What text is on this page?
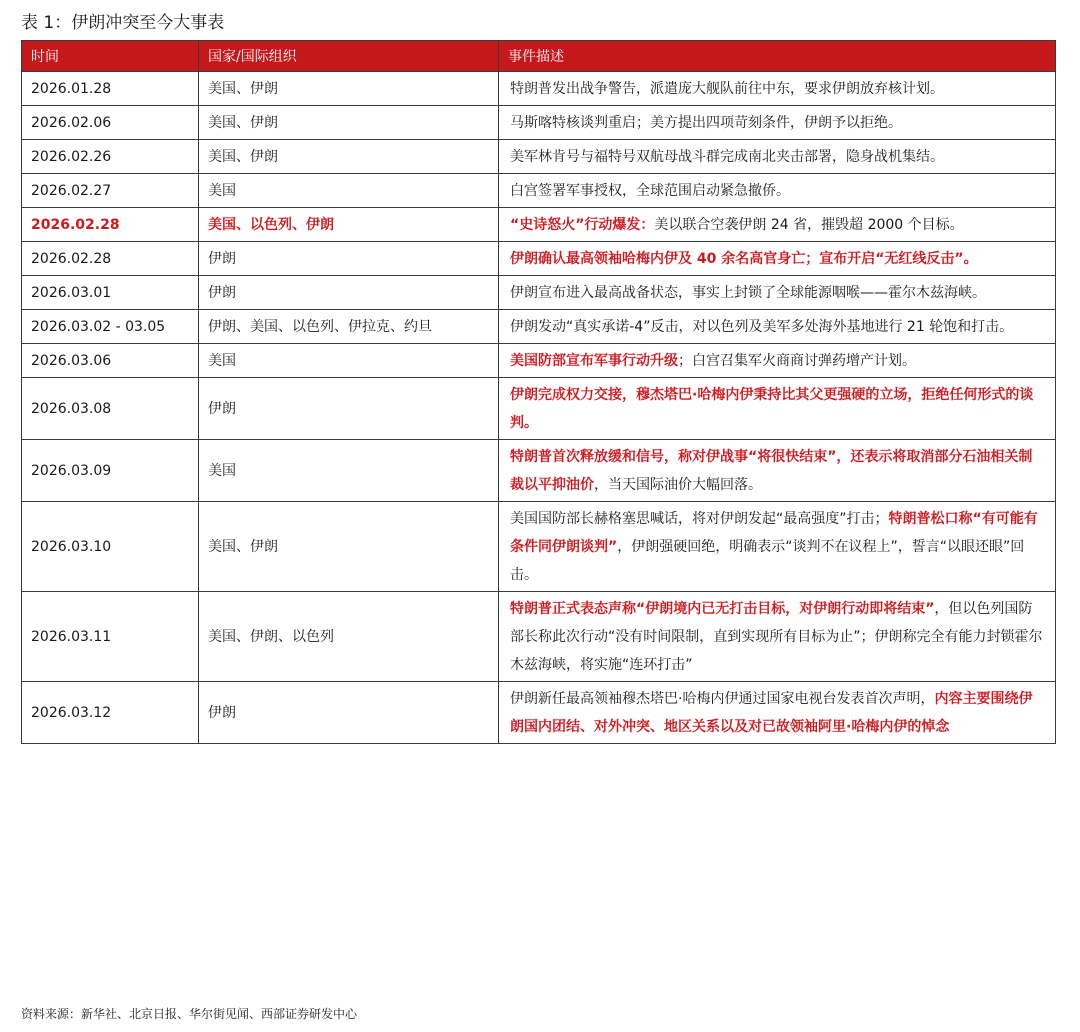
表 1：伊朗冲突至今大事表
时间	国家/国际组织	事件描述
2026.01.28	美国、伊朗	特朗普发出战争警告，派遣庞大舰队前往中东，要求伊朗放弃核计划。
2026.02.06	美国、伊朗	马斯喀特核谈判重启；美方提出四项苛刻条件，伊朗予以拒绝。
2026.02.26	美国、伊朗	美军林肯号与福特号双航母战斗群完成南北夹击部署，隐身战机集结。
2026.02.27	美国	白宫签署军事授权，全球范围启动紧急撤侨。
2026.02.28	美国、以色列、伊朗	“史诗怒火”行动爆发：美以联合空袭伊朗 24 省，摧毁超 2000 个目标。
2026.02.28	伊朗	伊朗确认最高领袖哈梅内伊及 40 余名高官身亡；宣布开启“无红线反击”。
2026.03.01	伊朗	伊朗宣布进入最高战备状态，事实上封锁了全球能源咽喉——霍尔木兹海峡。
2026.03.02 - 03.05	伊朗、美国、以色列、伊拉克、约旦	伊朗发动“真实承诺-4”反击，对以色列及美军多处海外基地进行 21 轮饱和打击。
2026.03.06	美国	美国防部宣布军事行动升级；白宫召集军火商商讨弹药增产计划。
2026.03.08	伊朗	伊朗完成权力交接，穆杰塔巴·哈梅内伊秉持比其父更强硬的立场，拒绝任何形式的谈判。
2026.03.09	美国	特朗普首次释放缓和信号，称对伊战事“将很快结束”，还表示将取消部分石油相关制裁以平抑油价，当天国际油价大幅回落。
2026.03.10	美国、伊朗	美国国防部长赫格塞思喊话，将对伊朗发起“最高强度”打击；特朗普松口称“有可能有条件同伊朗谈判”，伊朗强硬回绝，明确表示“谈判不在议程上”，誓言“以眼还眼”回击。
2026.03.11	美国、伊朗、以色列	特朗普正式表态声称“伊朗境内已无打击目标，对伊朗行动即将结束”，但以色列国防部长称此次行动“没有时间限制，直到实现所有目标为止”；伊朗称完全有能力封锁霍尔木兹海峡，将实施“连环打击”
2026.03.12	伊朗	伊朗新任最高领袖穆杰塔巴·哈梅内伊通过国家电视台发表首次声明，内容主要围绕伊朗国内团结、对外冲突、地区关系以及对已故领袖阿里·哈梅内伊的悼念
资料来源：新华社、北京日报、华尔街见闻、西部证券研发中心
